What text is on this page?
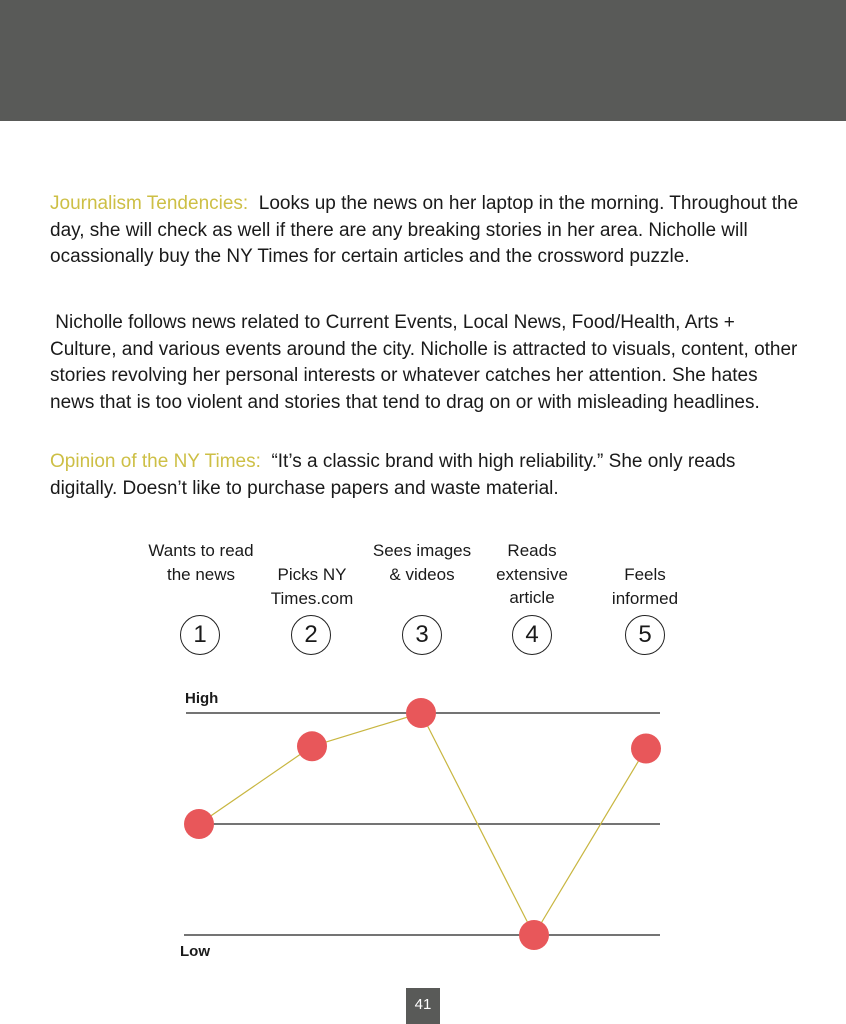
Journalism Tendencies: Looks up the news on her laptop in the morning. Throughout the day, she will check as well if there are any breaking stories in her area. Nicholle will ocassionally buy the NY Times for certain articles and the crossword puzzle.

Nicholle follows news related to Current Events, Local News, Food/Health, Arts + Culture, and various events around the city. Nicholle is attracted to visuals, content, other stories revolving her personal interests or whatever catches her attention. She hates news that is too violent and stories that tend to drag on or with misleading headlines.

Opinion of the NY Times: “It’s a classic brand with high reliability.” She only reads digitally. Doesn’t like to purchase papers and waste material.

Wants to read the news	Picks NY Times.com
Sees images & videos
Reads extensive article
Feels informed
1	2	3	4	5
High
Low
41
